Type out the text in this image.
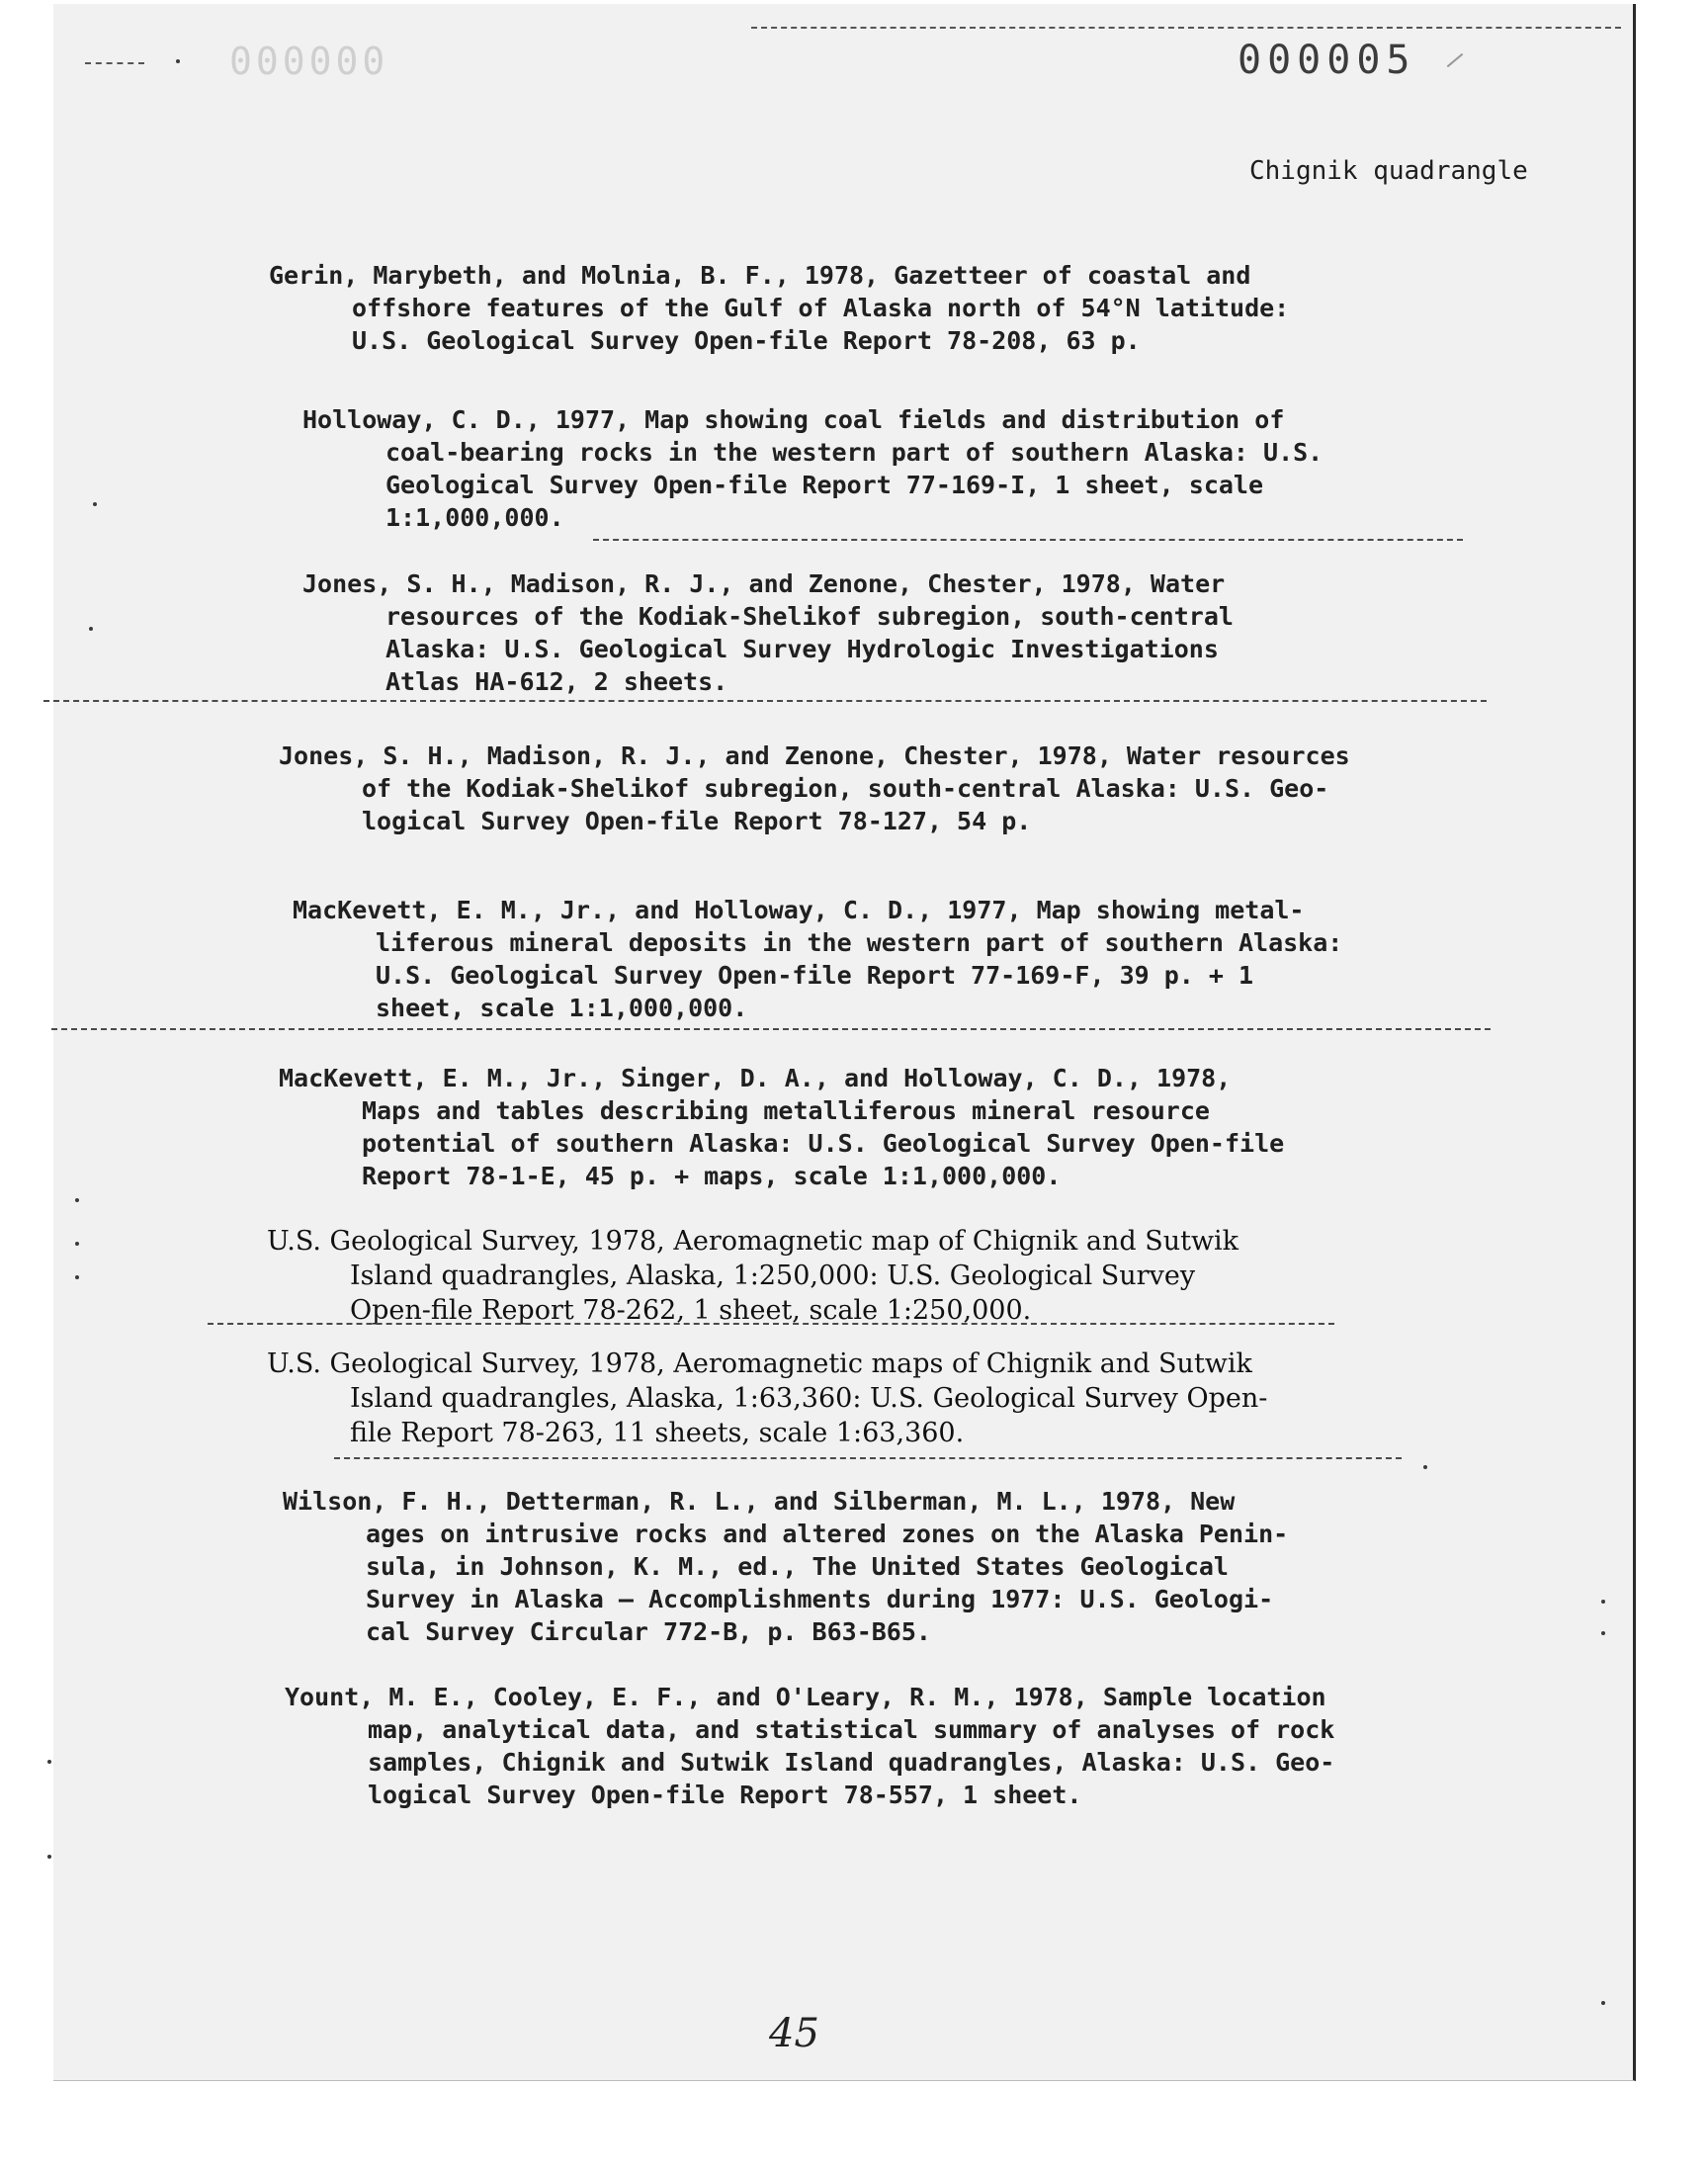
000000	000005
Chignik quadrangle
Gerin, Marybeth, and Molnia, B. F., 1978, Gazetteer of coastal and
offshore features of the Gulf of Alaska north of 54°N latitude:
U.S. Geological Survey Open-file Report 78-208, 63 p.
Holloway, C. D., 1977, Map showing coal fields and distribution of
coal-bearing rocks in the western part of southern Alaska: U.S.
Geological Survey Open-file Report 77-169-I, 1 sheet, scale
1:1,000,000.
Jones, S. H., Madison, R. J., and Zenone, Chester, 1978, Water
resources of the Kodiak-Shelikof subregion, south-central
Alaska: U.S. Geological Survey Hydrologic Investigations
Atlas HA-612, 2 sheets.
Jones, S. H., Madison, R. J., and Zenone, Chester, 1978, Water resources
of the Kodiak-Shelikof subregion, south-central Alaska: U.S. Geo-
logical Survey Open-file Report 78-127, 54 p.
MacKevett, E. M., Jr., and Holloway, C. D., 1977, Map showing metal-
liferous mineral deposits in the western part of southern Alaska:
U.S. Geological Survey Open-file Report 77-169-F, 39 p. + 1
sheet, scale 1:1,000,000.
MacKevett, E. M., Jr., Singer, D. A., and Holloway, C. D., 1978,
Maps and tables describing metalliferous mineral resource
potential of southern Alaska: U.S. Geological Survey Open-file
Report 78-1-E, 45 p. + maps, scale 1:1,000,000.
U.S. Geological Survey, 1978, Aeromagnetic map of Chignik and Sutwik
Island quadrangles, Alaska, 1:250,000: U.S. Geological Survey
Open-file Report 78-262, 1 sheet, scale 1:250,000.
U.S. Geological Survey, 1978, Aeromagnetic maps of Chignik and Sutwik
Island quadrangles, Alaska, 1:63,360: U.S. Geological Survey Open-
file Report 78-263, 11 sheets, scale 1:63,360.
Wilson, F. H., Detterman, R. L., and Silberman, M. L., 1978, New
ages on intrusive rocks and altered zones on the Alaska Penin-
sula, in Johnson, K. M., ed., The United States Geological
Survey in Alaska — Accomplishments during 1977: U.S. Geologi-
cal Survey Circular 772-B, p. B63-B65.
Yount, M. E., Cooley, E. F., and O'Leary, R. M., 1978, Sample location
map, analytical data, and statistical summary of analyses of rock
samples, Chignik and Sutwik Island quadrangles, Alaska: U.S. Geo-
logical Survey Open-file Report 78-557, 1 sheet.
45
